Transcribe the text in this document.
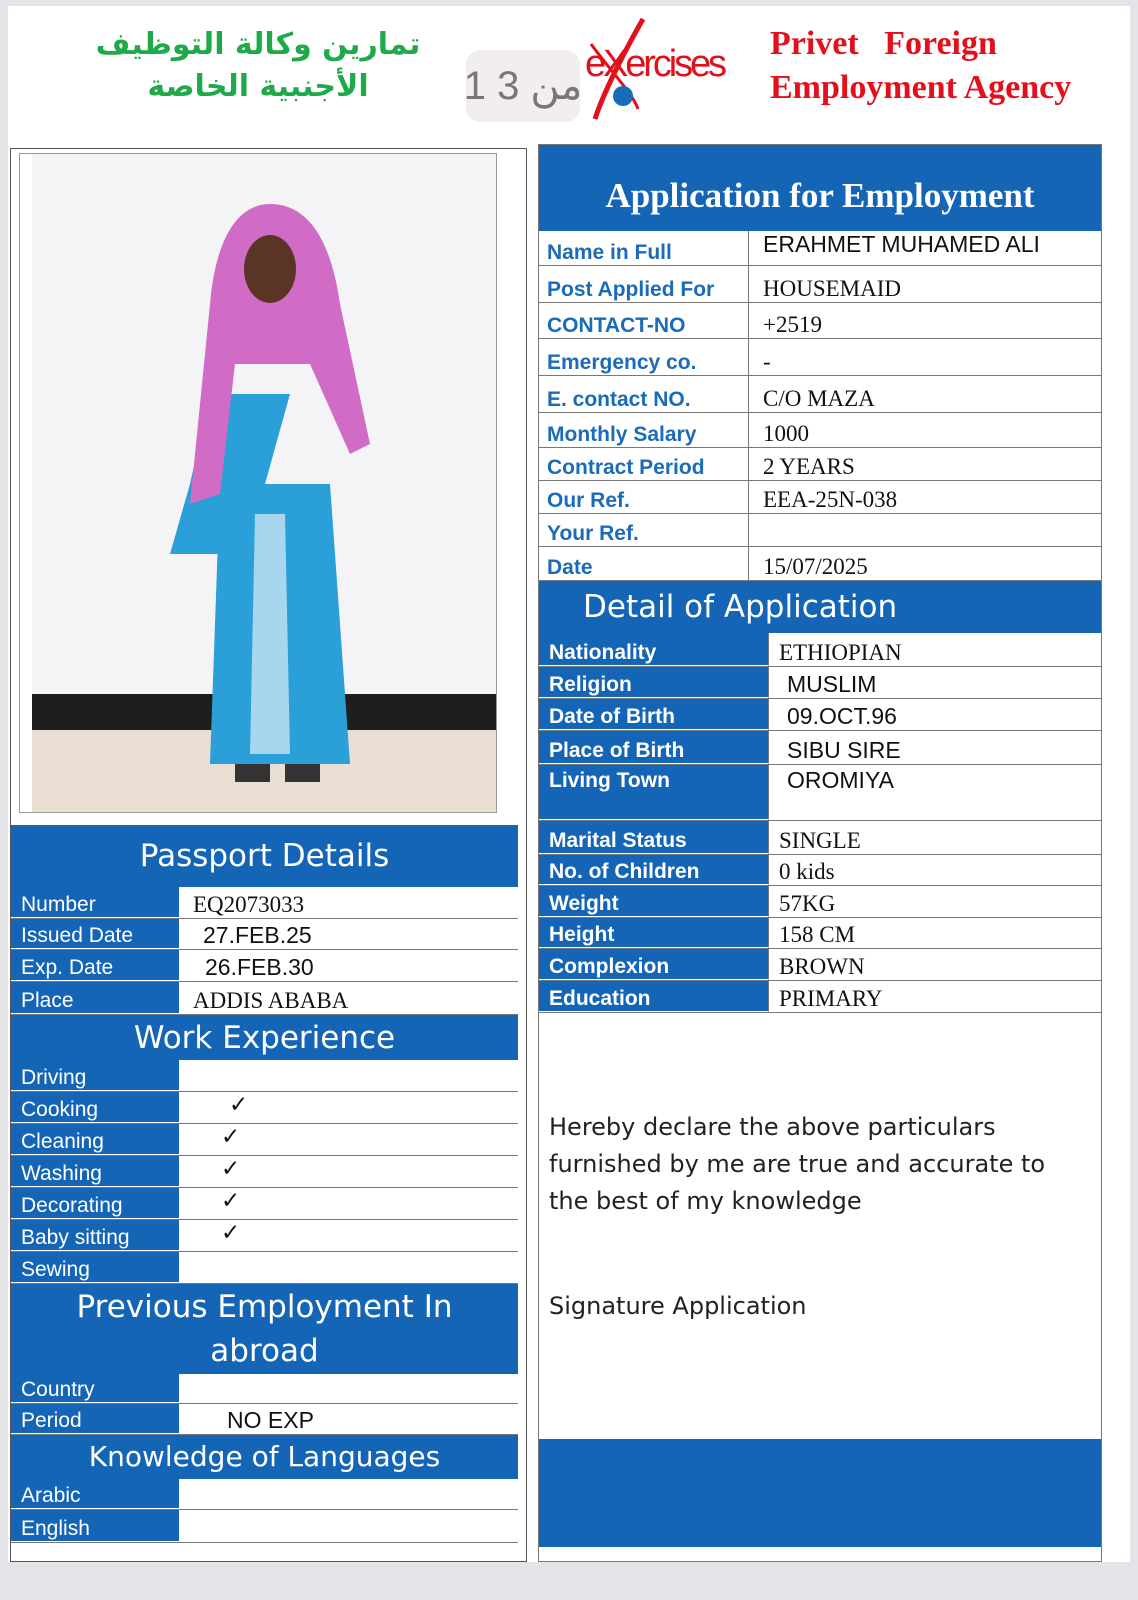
تمارين وكالة التوظيف الأجنبية الخاصة
eXercises Privet   Foreign
Employment Agency
1 من 3
Passport Details
Number	EQ2073033
Issued Date	27.FEB.25
Exp. Date	26.FEB.30
Place	ADDIS ABABA
Work Experience
Driving
Cooking	✓
Cleaning	✓
Washing	✓
Decorating	✓
Baby sitting	✓
Sewing
Previous Employment In abroad
Country
Period	NO EXP
Knowledge of Languages
Arabic
English
Application for Employment
Name in Full	ERAHMET MUHAMED ALI
Post Applied For	HOUSEMAID
CONTACT-NO	+2519
Emergency co.	-
E. contact NO.	C/O MAZA
Monthly Salary	1000
Contract Period	2 YEARS
Our Ref.	EEA-25N-038
Your Ref.
Date	15/07/2025
Detail of Application
Nationality	ETHIOPIAN
Religion	MUSLIM
Date of Birth	09.OCT.96
Place of Birth	SIBU SIRE
Living Town	OROMIYA
Marital Status	SINGLE
No. of Children	0 kids
Weight	57KG
Height	158 CM
Complexion	BROWN
Education	PRIMARY
Hereby declare the above particulars furnished by me are true and accurate to the best of my knowledge
Signature Application
